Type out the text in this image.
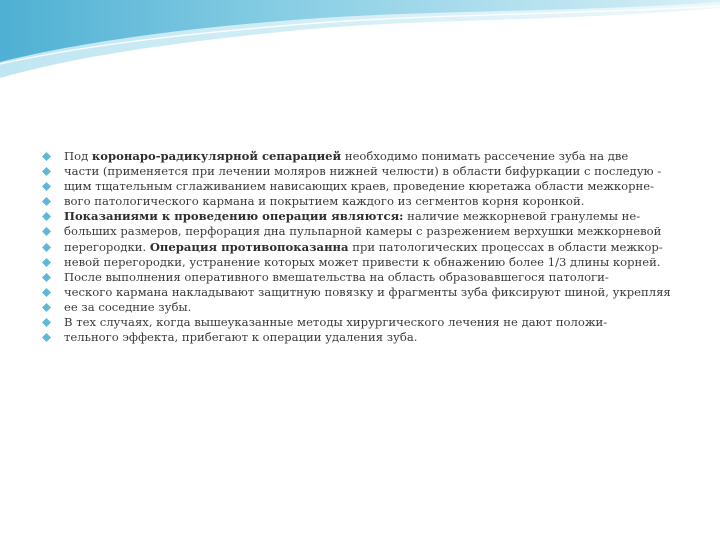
Под коронаро-радикулярной сепарацией необходимо понимать рассечение зуба на две
части (применяется при лечении моляров нижней челюсти) в области бифуркации с последую -
щим тщательным сглаживанием нависающих краев, проведение кюретажа области межкорне-
вого патологического кармана и покрытием каждого из сегментов корня коронкой.
Показаниями к проведению операции являются: наличие межкорневой гранулемы не-
больших размеров, перфорация дна пульпарной камеры с разрежением верхушки межкорневой
перегородки. Операция противопоказанна при патологических процессах в области межкор-
невой перегородки, устранение которых может привести к обнажению более 1/3 длины корней.
После выполнения оперативного вмешательства на область образовавшегося патологи-
ческого кармана накладывают защитную повязку и фрагменты зуба фиксируют шиной, укрепляя
ее за соседние зубы.
В тех случаях, когда вышеуказанные методы хирургического лечения не дают положи-
тельного эффекта, прибегают к операции удаления зуба.
